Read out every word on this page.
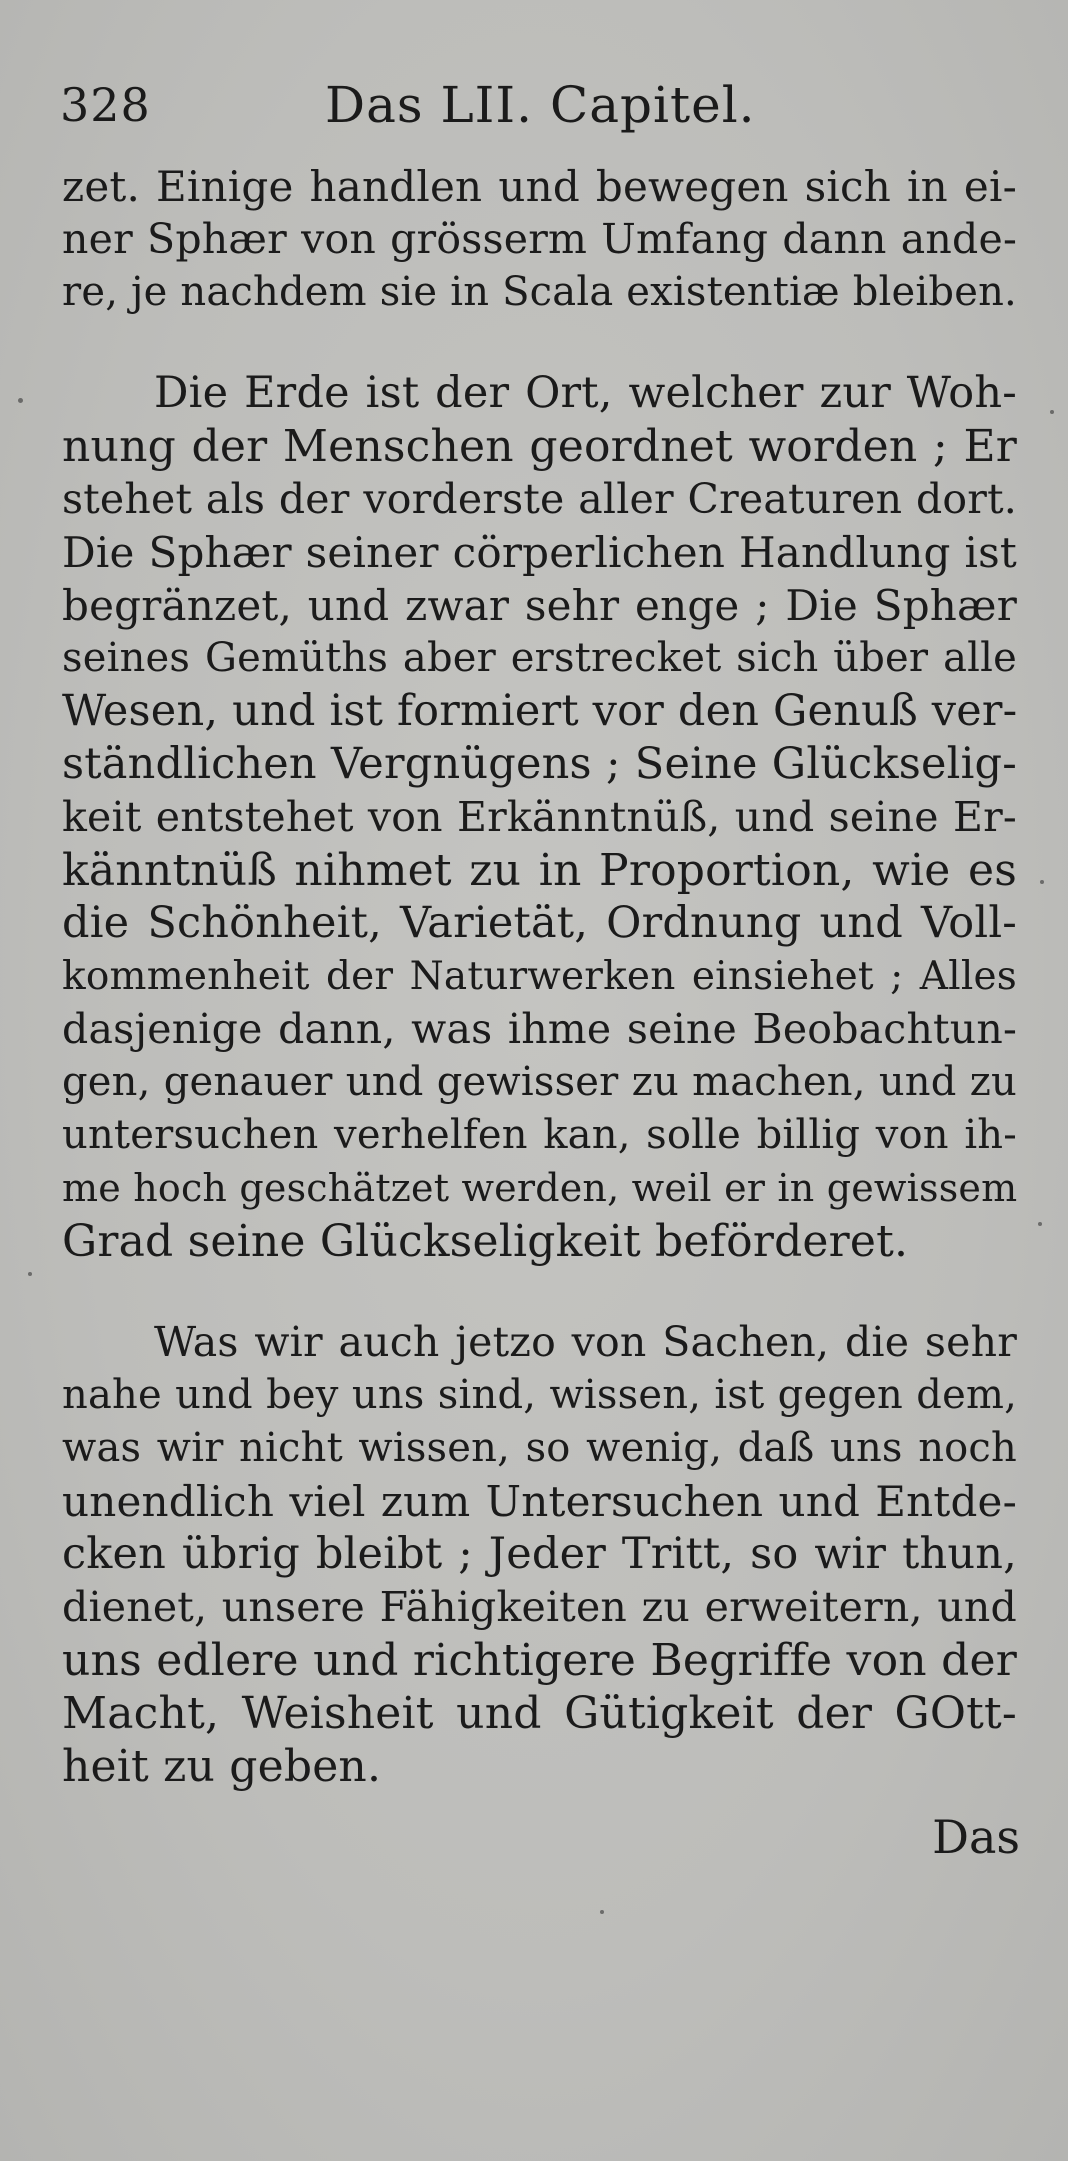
328	Das LII. Capitel.
zet. Einige handlen und bewegen sich in ei-
ner Sphær von grösserm Umfang dann ande-
re, je nachdem sie in Scala existentiæ bleiben.
Die Erde ist der Ort, welcher zur Woh-
nung der Menschen geordnet worden ; Er
stehet als der vorderste aller Creaturen dort.
Die Sphær seiner cörperlichen Handlung ist
begränzet, und zwar sehr enge ; Die Sphær
seines Gemüths aber erstrecket sich über alle
Wesen, und ist formiert vor den Genuß ver-
ständlichen Vergnügens ; Seine Glückselig-
keit entstehet von Erkänntnüß, und seine Er-
känntnüß nihmet zu in Proportion, wie es
die Schönheit, Varietät, Ordnung und Voll-
kommenheit der Naturwerken einsiehet ; Alles
dasjenige dann, was ihme seine Beobachtun-
gen, genauer und gewisser zu machen, und zu
untersuchen verhelfen kan, solle billig von ih-
me hoch geschätzet werden, weil er in gewissem
Grad seine Glückseligkeit beförderet.
Was wir auch jetzo von Sachen, die sehr
nahe und bey uns sind, wissen, ist gegen dem,
was wir nicht wissen, so wenig, daß uns noch
unendlich viel zum Untersuchen und Entde-
cken übrig bleibt ; Jeder Tritt, so wir thun,
dienet, unsere Fähigkeiten zu erweitern, und
uns edlere und richtigere Begriffe von der
Macht, Weisheit und Gütigkeit der GOtt-
heit zu geben.
Das
